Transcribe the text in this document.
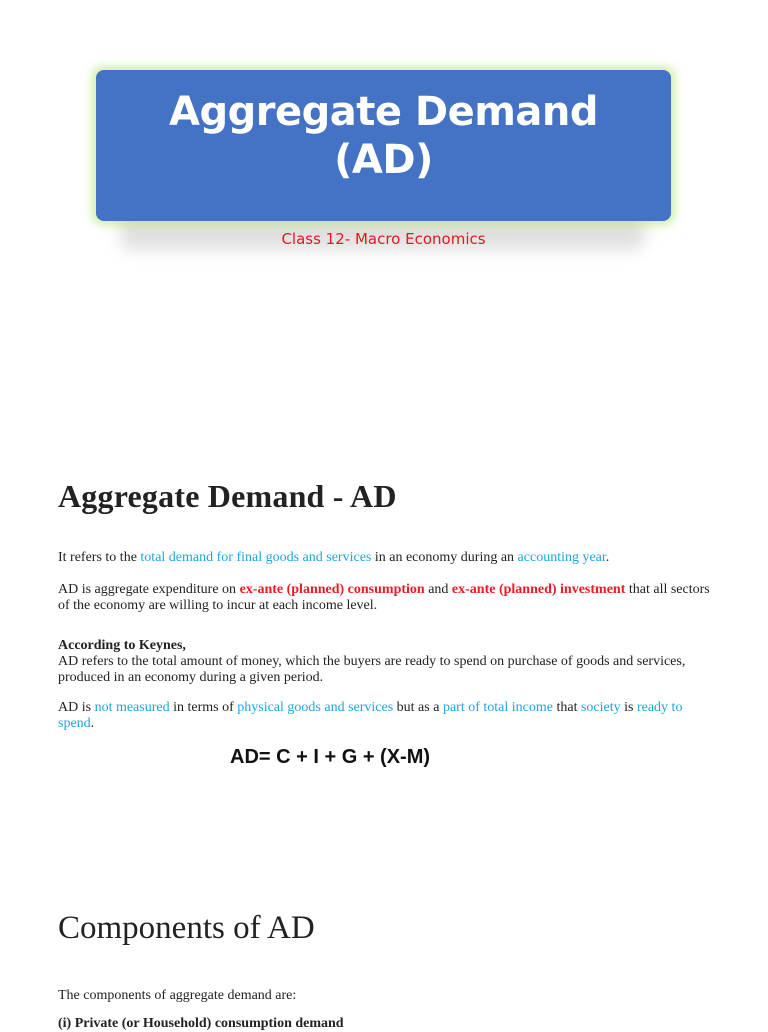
Aggregate Demand
(AD)
Class 12- Macro Economics
Aggregate Demand - AD
It refers to the total demand for final goods and services in an economy during an accounting year.
AD is aggregate expenditure on ex-ante (planned) consumption and ex-ante (planned) investment that all sectors of the economy are willing to incur at each income level.
According to Keynes,
AD refers to the total amount of money, which the buyers are ready to spend on purchase of goods and services, produced in an economy during a given period.
AD is not measured in terms of physical goods and services but as a part of total income that society is ready to spend.
AD= C + I + G + (X-M)
Components of AD
The components of aggregate demand are:
(i) Private (or Household) consumption demand
